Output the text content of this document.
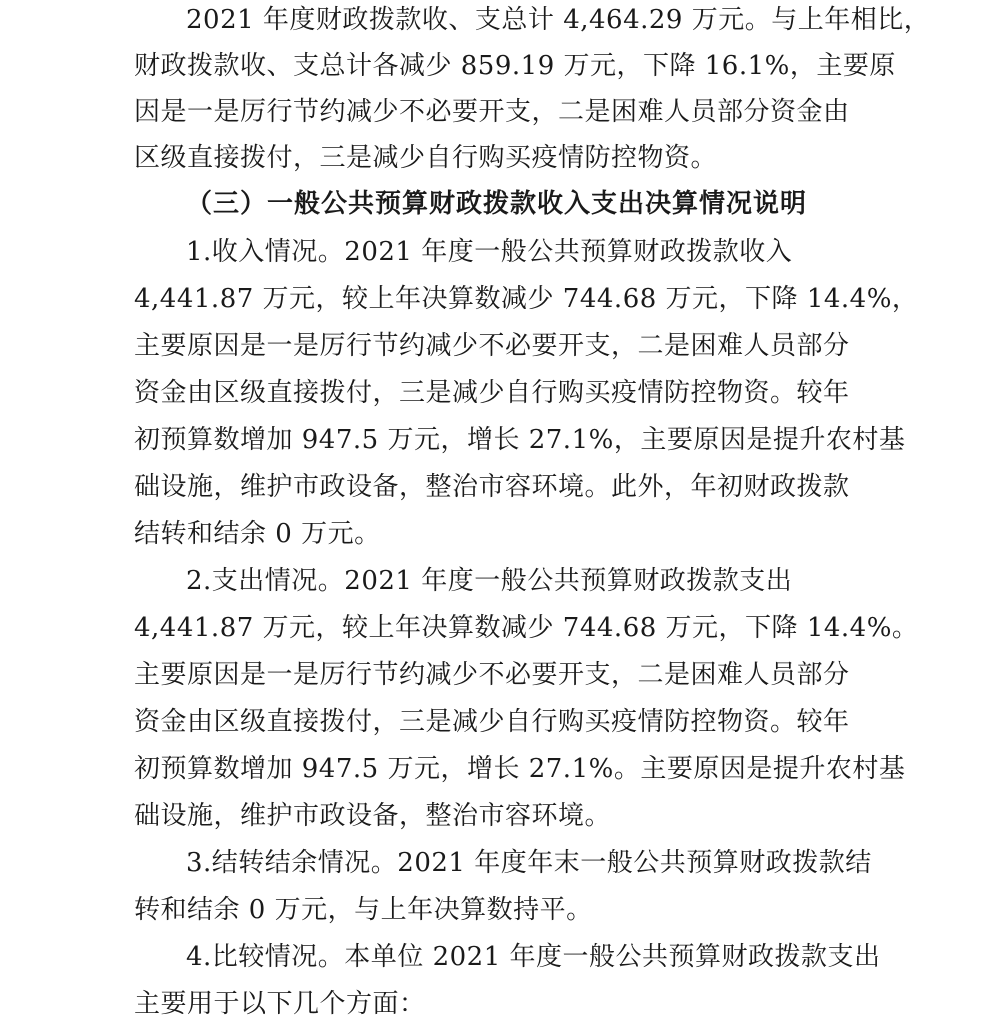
2021 年度财政拨款收、支总计 4,464.29 万元。与上年相比，
财政拨款收、支总计各减少 859.19 万元，下降 16.1%，主要原
因是一是厉行节约减少不必要开支，二是困难人员部分资金由
区级直接拨付，三是减少自行购买疫情防控物资。
（三）一般公共预算财政拨款收入支出决算情况说明
1.收入情况。2021 年度一般公共预算财政拨款收入
4,441.87 万元，较上年决算数减少 744.68 万元，下降 14.4%，
主要原因是一是厉行节约减少不必要开支，二是困难人员部分
资金由区级直接拨付，三是减少自行购买疫情防控物资。较年
初预算数增加 947.5 万元，增长 27.1%，主要原因是提升农村基
础设施，维护市政设备，整治市容环境。此外，年初财政拨款
结转和结余 0 万元。
2.支出情况。2021 年度一般公共预算财政拨款支出
4,441.87 万元，较上年决算数减少 744.68 万元，下降 14.4%。
主要原因是一是厉行节约减少不必要开支，二是困难人员部分
资金由区级直接拨付，三是减少自行购买疫情防控物资。较年
初预算数增加 947.5 万元，增长 27.1%。主要原因是提升农村基
础设施，维护市政设备，整治市容环境。
3.结转结余情况。2021 年度年末一般公共预算财政拨款结
转和结余 0 万元，与上年决算数持平。
4.比较情况。本单位 2021 年度一般公共预算财政拨款支出
主要用于以下几个方面：
